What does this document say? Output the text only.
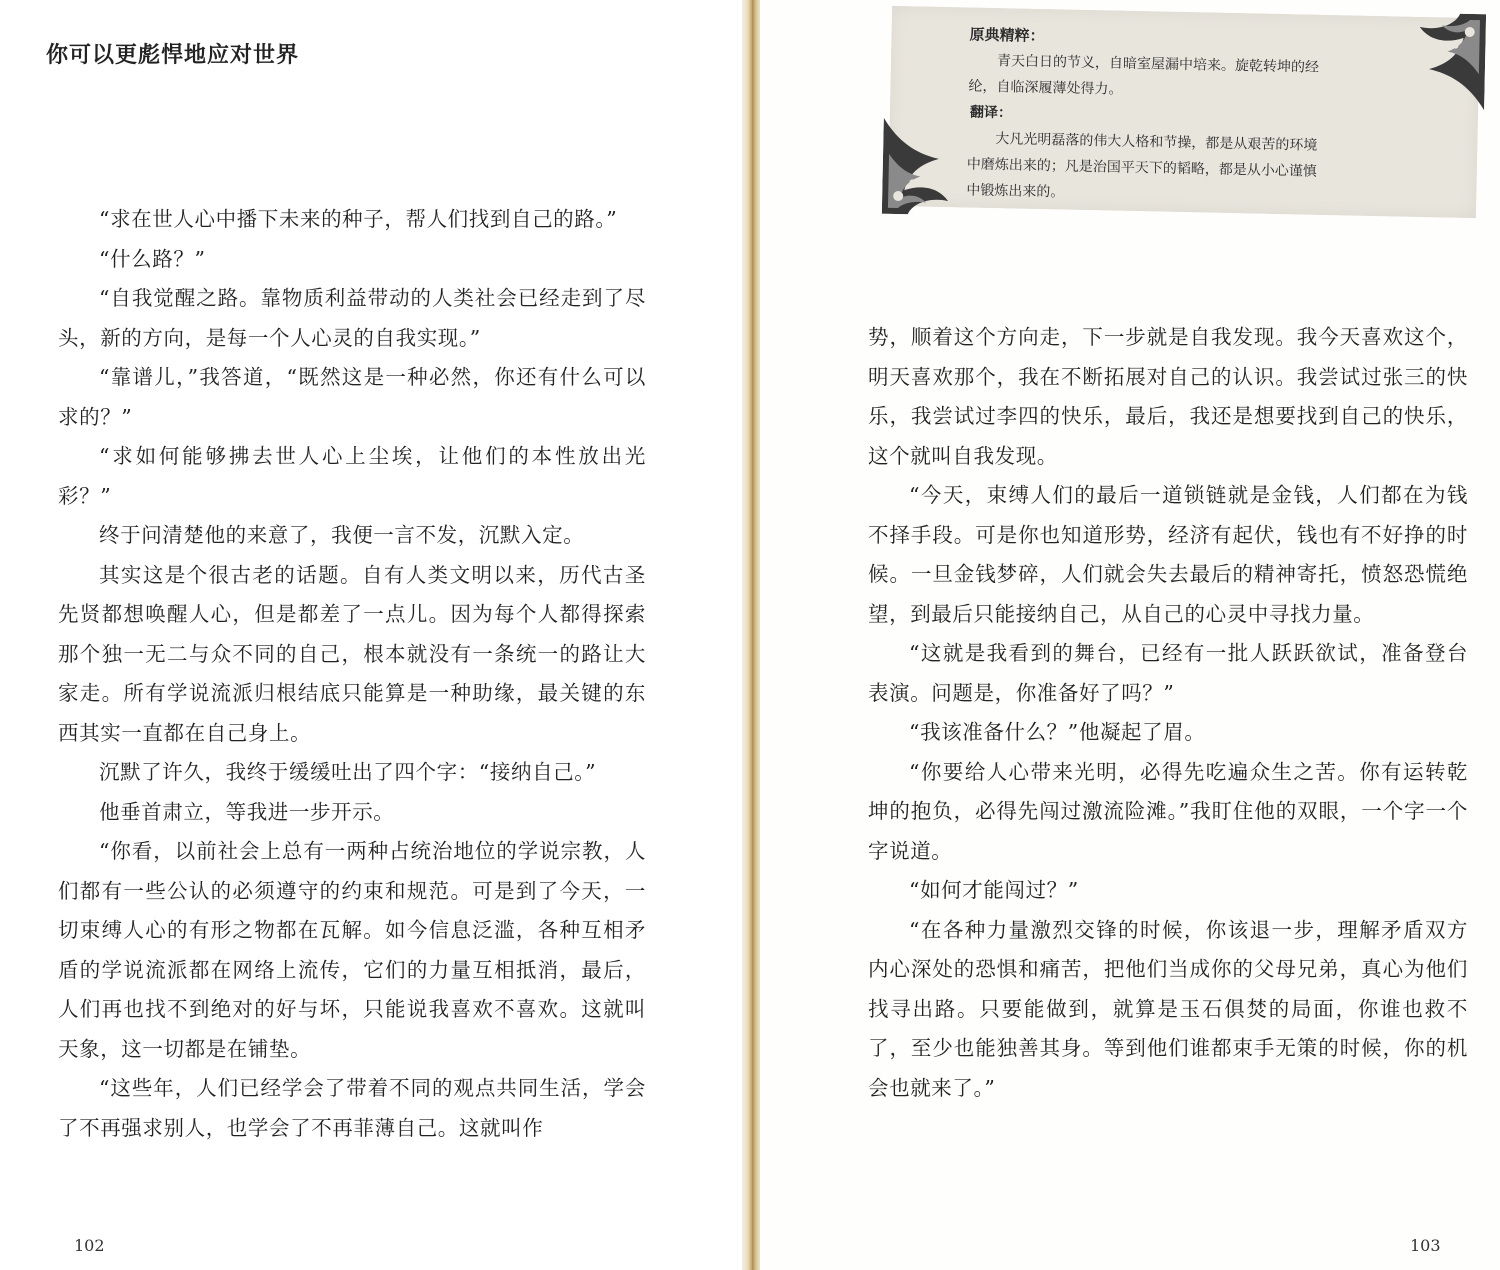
你可以更彪悍地应对世界

“求在世人心中播下未来的种子，帮人们找到自己的路。”

“什么路？”

“自我觉醒之路。靠物质利益带动的人类社会已经走到了尽头，新的方向，是每一个人心灵的自我实现。”

“靠谱儿，”我答道，“既然这是一种必然，你还有什么可以求的？”

“求如何能够拂去世人心上尘埃，让他们的本性放出光彩？”

终于问清楚他的来意了，我便一言不发，沉默入定。

其实这是个很古老的话题。自有人类文明以来，历代古圣先贤都想唤醒人心，但是都差了一点儿。因为每个人都得探索那个独一无二与众不同的自己，根本就没有一条统一的路让大家走。所有学说流派归根结底只能算是一种助缘，最关键的东西其实一直都在自己身上。

沉默了许久，我终于缓缓吐出了四个字：“接纳自己。”

他垂首肃立，等我进一步开示。

“你看，以前社会上总有一两种占统治地位的学说宗教，人们都有一些公认的必须遵守的约束和规范。可是到了今天，一切束缚人心的有形之物都在瓦解。如今信息泛滥，各种互相矛盾的学说流派都在网络上流传，它们的力量互相抵消，最后，人们再也找不到绝对的好与坏，只能说我喜欢不喜欢。这就叫天象，这一切都是在铺垫。

“这些年，人们已经学会了带着不同的观点共同生活，学会了不再强求别人，也学会了不再菲薄自己。这就叫作

102

原典精粹：

青天白日的节义，自暗室屋漏中培来。旋乾转坤的经

纶，自临深履薄处得力。

翻译：

大凡光明磊落的伟大人格和节操，都是从艰苦的环境

中磨炼出来的；凡是治国平天下的韬略，都是从小心谨慎

中锻炼出来的。

势，顺着这个方向走，下一步就是自我发现。我今天喜欢这个，明天喜欢那个，我在不断拓展对自己的认识。我尝试过张三的快乐，我尝试过李四的快乐，最后，我还是想要找到自己的快乐，这个就叫自我发现。

“今天，束缚人们的最后一道锁链就是金钱，人们都在为钱不择手段。可是你也知道形势，经济有起伏，钱也有不好挣的时候。一旦金钱梦碎，人们就会失去最后的精神寄托，愤怒恐慌绝望，到最后只能接纳自己，从自己的心灵中寻找力量。

“这就是我看到的舞台，已经有一批人跃跃欲试，准备登台表演。问题是，你准备好了吗？”

“我该准备什么？”他凝起了眉。

“你要给人心带来光明，必得先吃遍众生之苦。你有运转乾坤的抱负，必得先闯过激流险滩。”我盯住他的双眼，一个字一个字说道。

“如何才能闯过？”

“在各种力量激烈交锋的时候，你该退一步，理解矛盾双方内心深处的恐惧和痛苦，把他们当成你的父母兄弟，真心为他们找寻出路。只要能做到，就算是玉石俱焚的局面，你谁也救不了，至少也能独善其身。等到他们谁都束手无策的时候，你的机会也就来了。”

103
